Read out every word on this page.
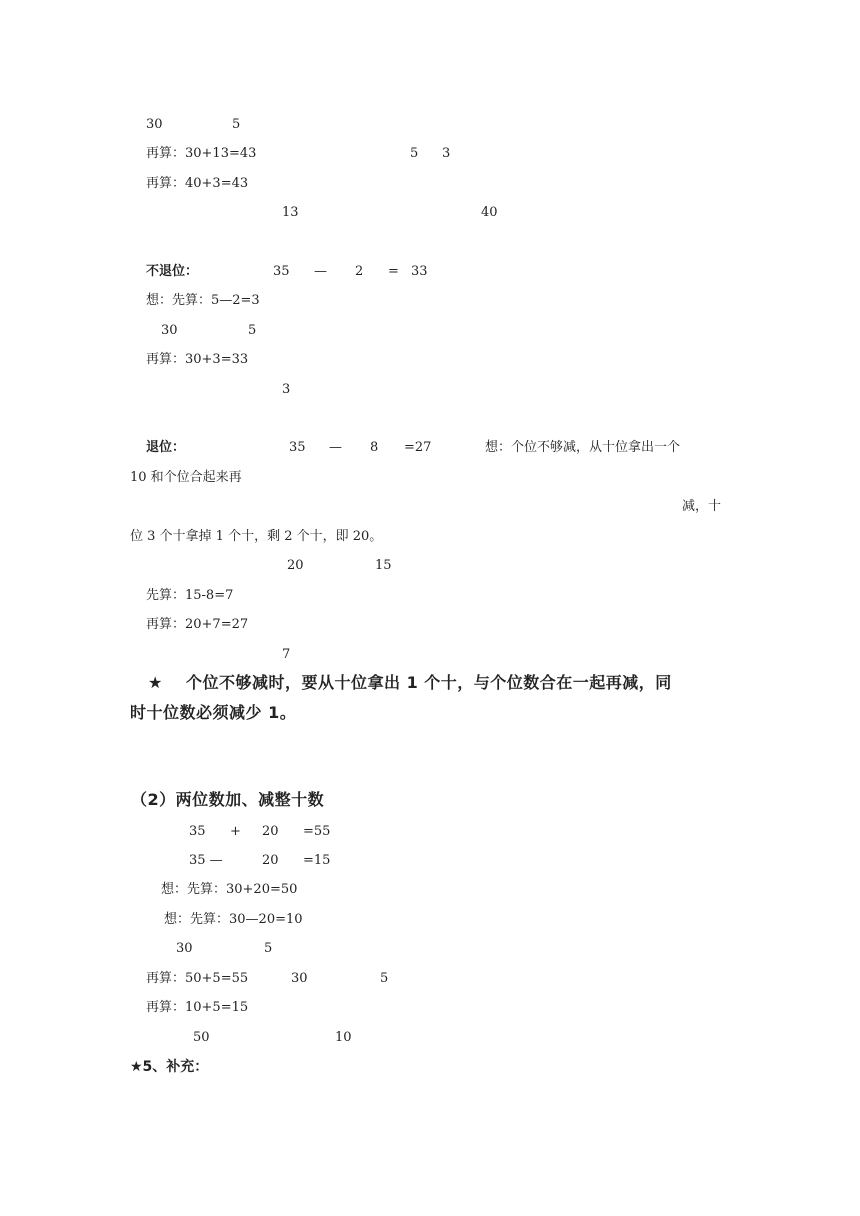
30	5
再算：30+13=43	5 3
再算：40+3=43
13	40
不退位：	35 — 2 = 33
想：先算：5—2=3
30	5
再算：30+3=33
3
退位：	35 — 8 =27	想：个位不够减，从十位拿出一个
10 和个位合起来再
减，十
位 3 个十拿掉 1 个十，剩 2 个十，即 20。
20	15
先算：15-8=7
再算：20+7=27
7
★ 个位不够减时，要从十位拿出 1 个十，与个位数合在一起再减，同
时十位数必须减少 1。
（2）两位数加、减整十数
35 + 20 =55
35 —	20 =15
想：先算：30+20=50
想：先算：30—20=10
30	5
再算：50+5=55	30	5
再算：10+5=15
50	10
★5、补充：
